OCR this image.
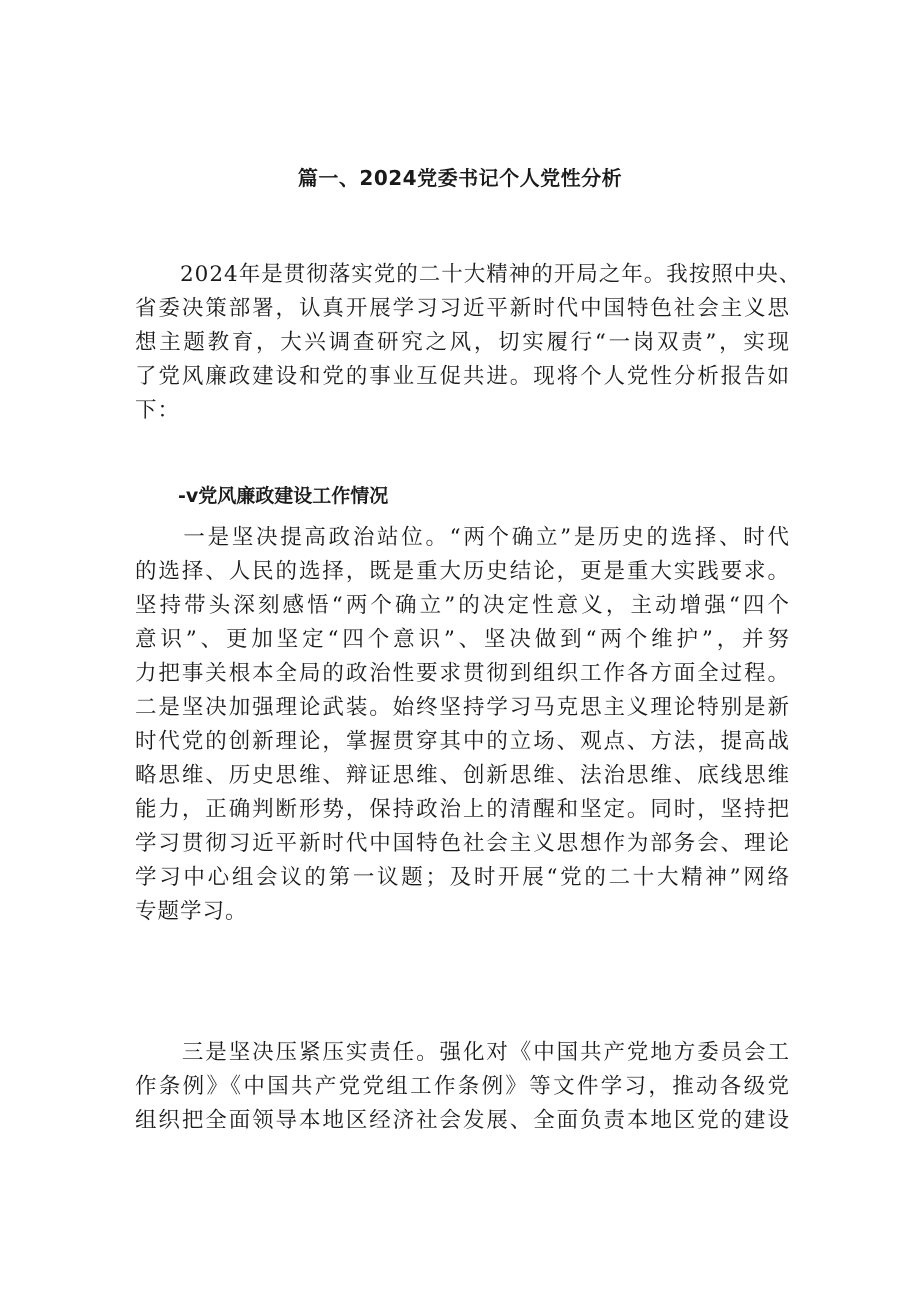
篇一、2024党委书记个人党性分析
　　2024年是贯彻落实党的二十大精神的开局之年。我按照中央、
省委决策部署，认真开展学习习近平新时代中国特色社会主义思
想主题教育，大兴调查研究之风，切实履行“一岗双责”，实现
了党风廉政建设和党的事业互促共进。现将个人党性分析报告如
下：
-v党风廉政建设工作情况
　　一是坚决提高政治站位。“两个确立”是历史的选择、时代
的选择、人民的选择，既是重大历史结论，更是重大实践要求。
坚持带头深刻感悟“两个确立”的决定性意义，主动增强“四个
意识”、更加坚定“四个意识”、坚决做到“两个维护”，并努
力把事关根本全局的政治性要求贯彻到组织工作各方面全过程。
二是坚决加强理论武装。始终坚持学习马克思主义理论特别是新
时代党的创新理论，掌握贯穿其中的立场、观点、方法，提高战
略思维、历史思维、辩证思维、创新思维、法治思维、底线思维
能力，正确判断形势，保持政治上的清醒和坚定。同时，坚持把
学习贯彻习近平新时代中国特色社会主义思想作为部务会、理论
学习中心组会议的第一议题；及时开展“党的二十大精神”网络
专题学习。
　　三是坚决压紧压实责任。强化对《中国共产党地方委员会工
作条例》《中国共产党党组工作条例》等文件学习，推动各级党
组织把全面领导本地区经济社会发展、全面负责本地区党的建设
